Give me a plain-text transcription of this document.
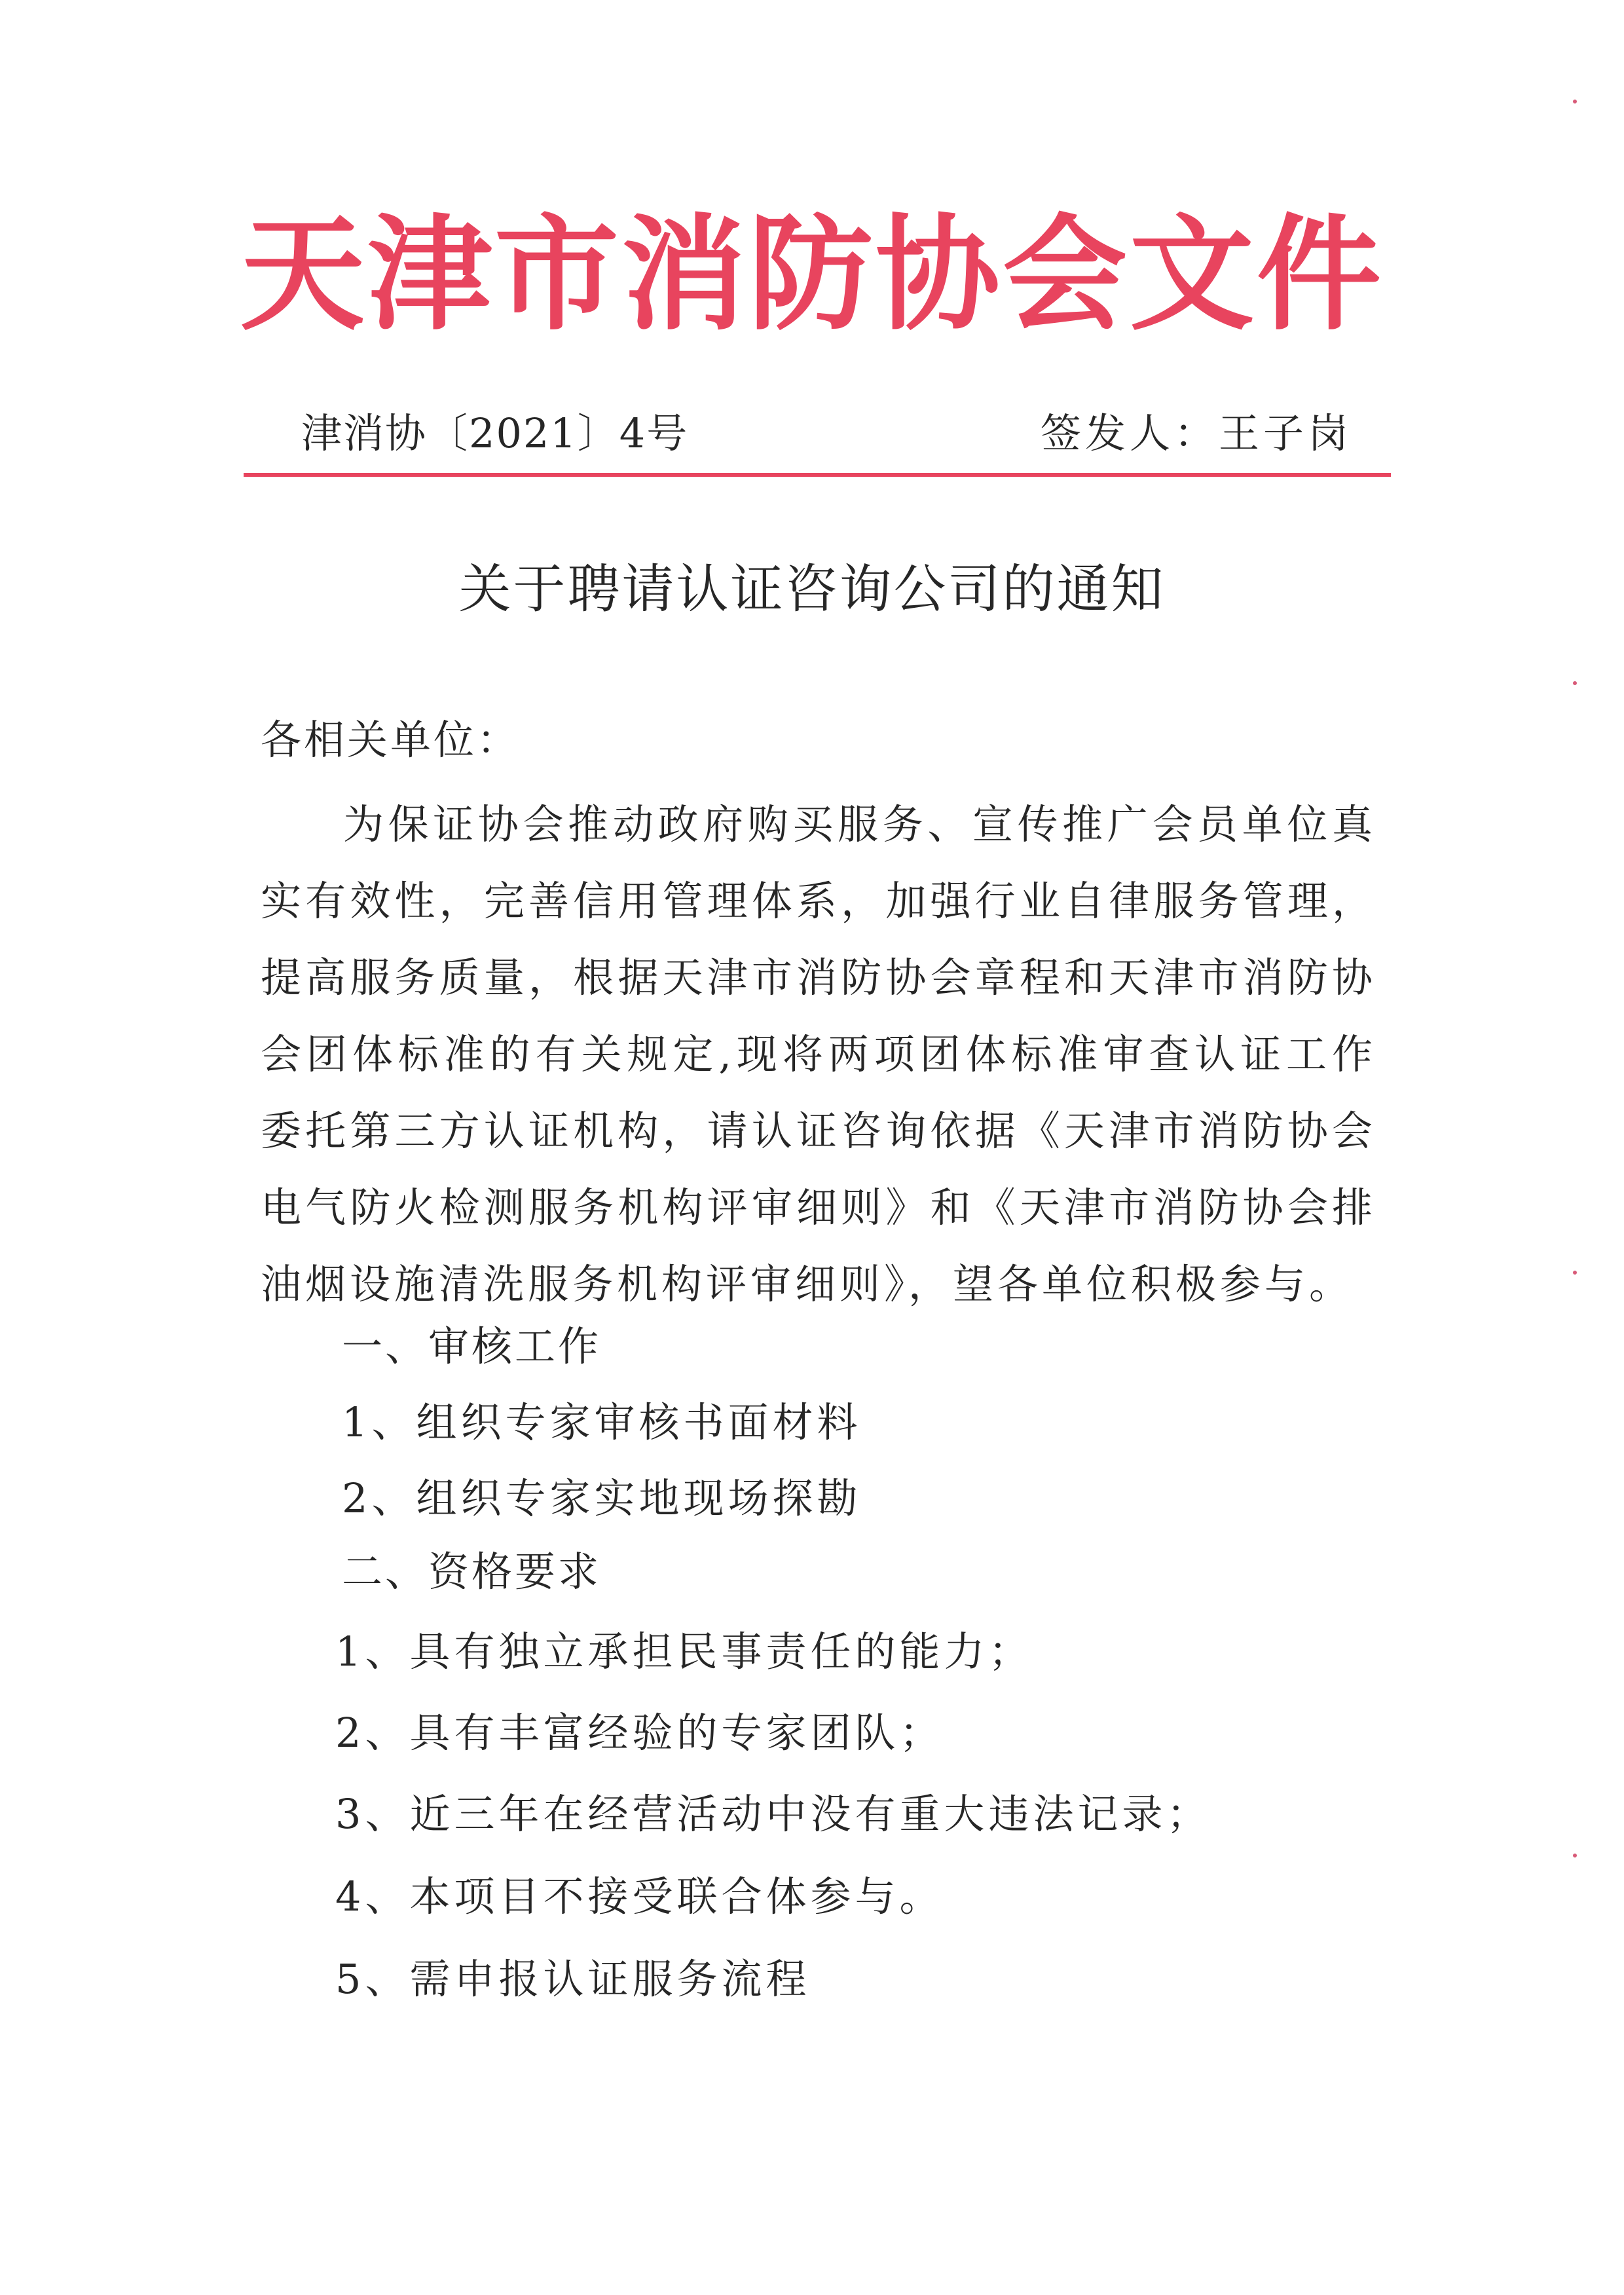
天津市消防协会文件
津消协〔2021〕4号	签发人：王子岗
关于聘请认证咨询公司的通知
各相关单位：
为保证协会推动政府购买服务、宣传推广会员单位真实有效性，完善信用管理体系，加强行业自律服务管理，提高服务质量，根据天津市消防协会章程和天津市消防协会团体标准的有关规定,现将两项团体标准审查认证工作委托第三方认证机构，请认证咨询依据《天津市消防协会电气防火检测服务机构评审细则》和《天津市消防协会排油烟设施清洗服务机构评审细则》，望各单位积极参与。
一、审核工作
1、组织专家审核书面材料
2、组织专家实地现场探勘
二、资格要求
1、具有独立承担民事责任的能力；
2、具有丰富经验的专家团队；
3、近三年在经营活动中没有重大违法记录；
4、本项目不接受联合体参与。
5、需申报认证服务流程
